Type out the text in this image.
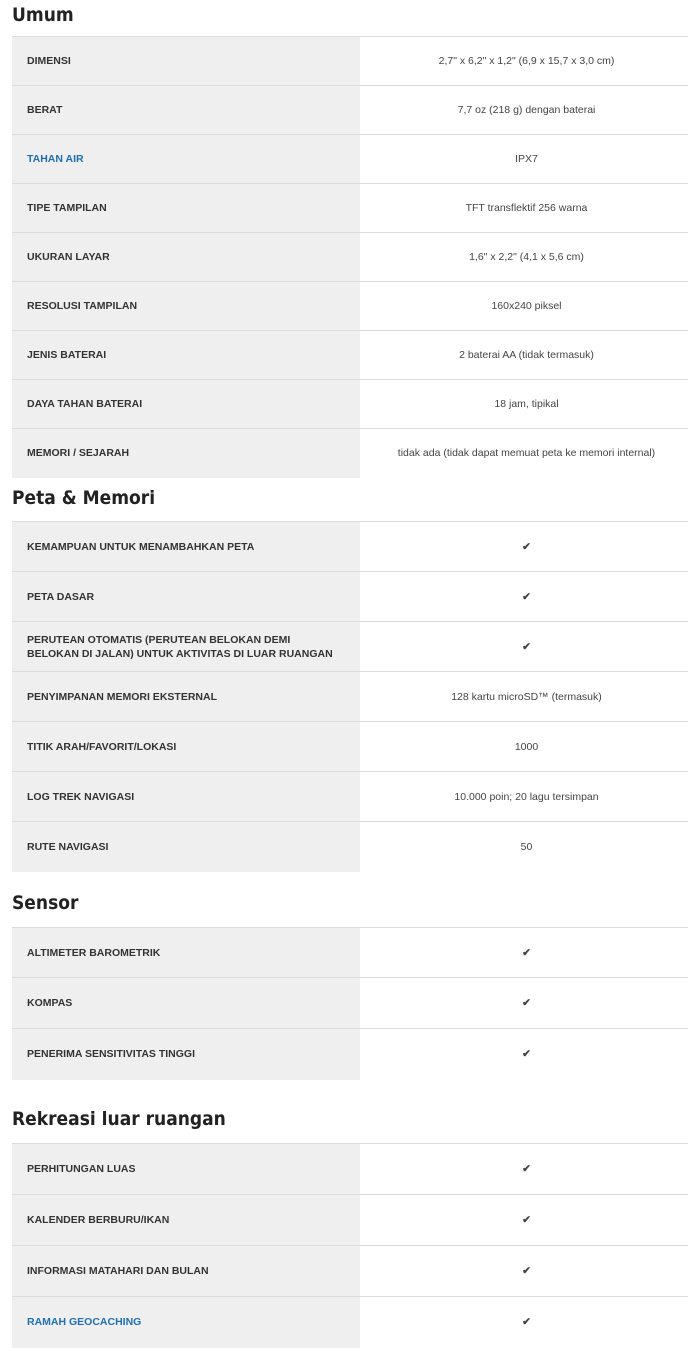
Umum
DIMENSI	2,7" x 6,2" x 1,2" (6,9 x 15,7 x 3,0 cm)
BERAT	7,7 oz (218 g) dengan baterai
TAHAN AIR	IPX7
TIPE TAMPILAN	TFT transflektif 256 warna
UKURAN LAYAR	1,6" x 2,2" (4,1 x 5,6 cm)
RESOLUSI TAMPILAN	160x240 piksel
JENIS BATERAI	2 baterai AA (tidak termasuk)
DAYA TAHAN BATERAI	18 jam, tipikal
MEMORI / SEJARAH	tidak ada (tidak dapat memuat peta ke memori internal)
Peta & Memori
KEMAMPUAN UNTUK MENAMBAHKAN PETA	✔
PETA DASAR	✔
PERUTEAN OTOMATIS (PERUTEAN BELOKAN DEMI BELOKAN DI JALAN) UNTUK AKTIVITAS DI LUAR RUANGAN	✔
PENYIMPANAN MEMORI EKSTERNAL	128 kartu microSD™ (termasuk)
TITIK ARAH/FAVORIT/LOKASI	1000
LOG TREK NAVIGASI	10.000 poin; 20 lagu tersimpan
RUTE NAVIGASI	50
Sensor
ALTIMETER BAROMETRIK	✔
KOMPAS	✔
PENERIMA SENSITIVITAS TINGGI	✔
Rekreasi luar ruangan
PERHITUNGAN LUAS	✔
KALENDER BERBURU/IKAN	✔
INFORMASI MATAHARI DAN BULAN	✔
RAMAH GEOCACHING	✔
